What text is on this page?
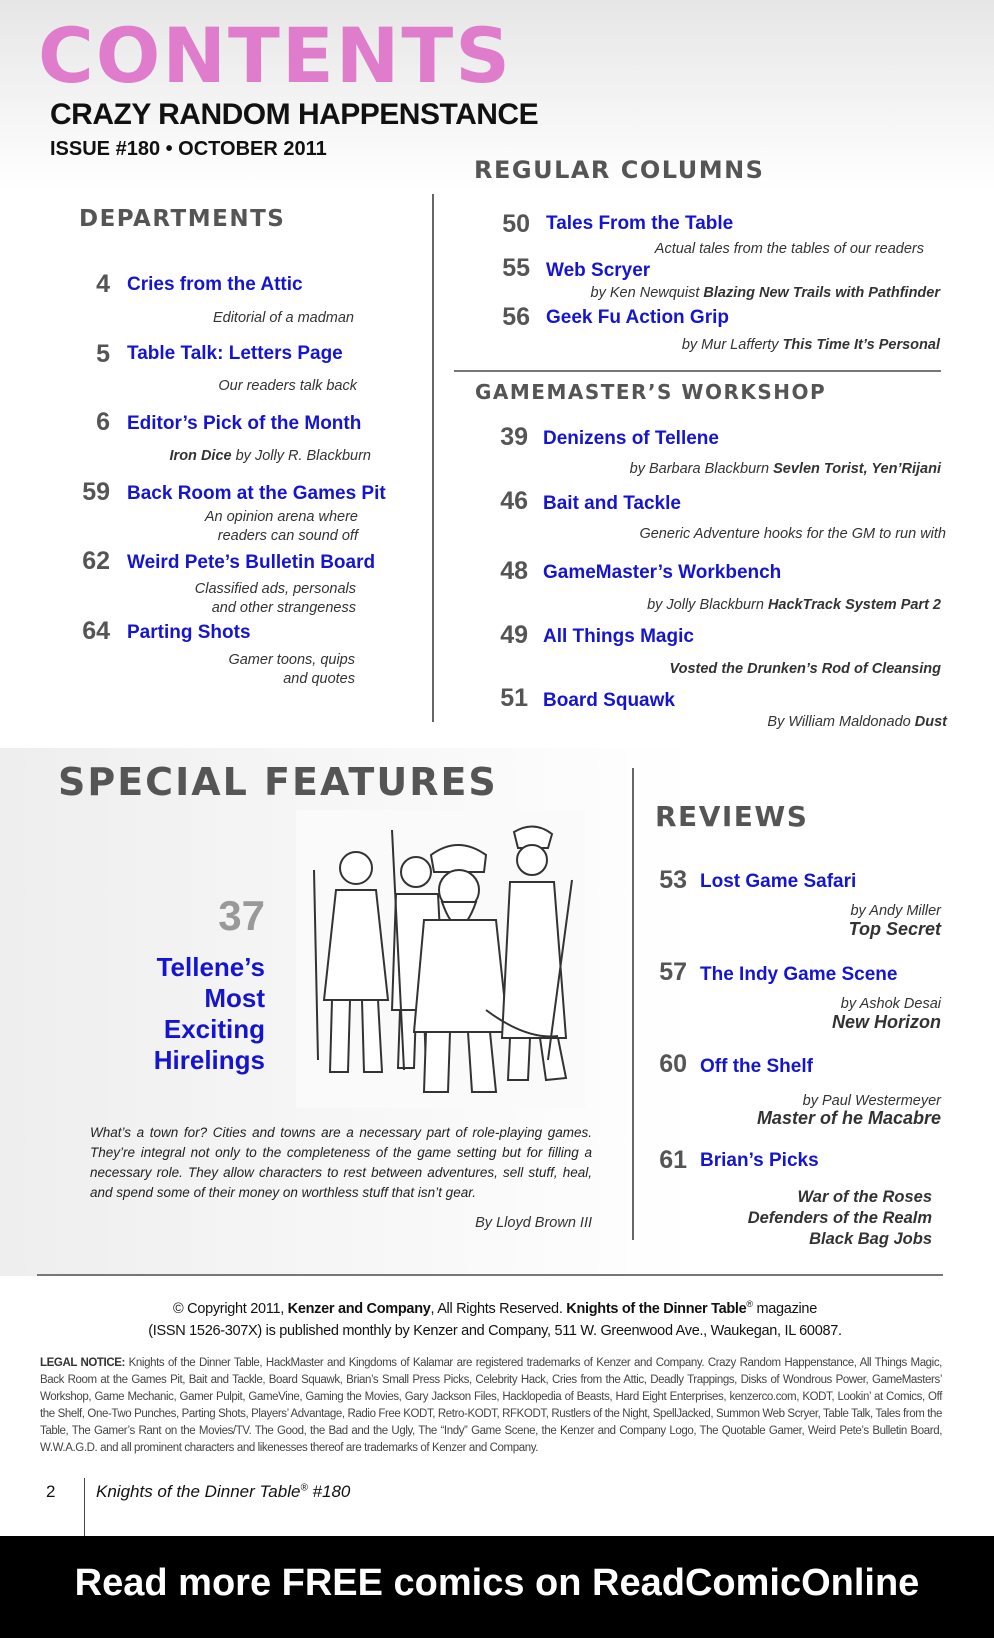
CONTENTS
CRAZY RANDOM HAPPENSTANCE
ISSUE #180 • OCTOBER 2011
DEPARTMENTS
4 Cries from the Attic
Editorial of a madman
5 Table Talk: Letters Page
Our readers talk back
6 Editor’s Pick of the Month
Iron Dice by Jolly R. Blackburn
59 Back Room at the Games Pit
An opinion arena where
readers can sound off
62 Weird Pete’s Bulletin Board
Classified ads, personals
and other strangeness
64 Parting Shots
Gamer toons, quips
and quotes
REGULAR COLUMNS
50 Tales From the Table
Actual tales from the tables of our readers
55 Web Scryer
by Ken Newquist Blazing New Trails with Pathfinder
56 Geek Fu Action Grip
by Mur Lafferty This Time It’s Personal
GAMEMASTER’S WORKSHOP
39 Denizens of Tellene
by Barbara Blackburn Sevlen Torist, Yen’Rijani
46 Bait and Tackle
Generic Adventure hooks for the GM to run with
48 GameMaster’s Workbench
by Jolly Blackburn HackTrack System Part 2
49 All Things Magic
Vosted the Drunken’s Rod of Cleansing
51 Board Squawk
By William Maldonado Dust
SPECIAL FEATURES
37
Tellene’s
Most
Exciting
Hirelings
What’s a town for? Cities and towns are a necessary part of role-playing games. They’re integral not only to the completeness of the game setting but for filling a necessary role. They allow characters to rest between adventures, sell stuff, heal, and spend some of their money on worthless stuff that isn’t gear.
By Lloyd Brown III
REVIEWS
53 Lost Game Safari
by Andy Miller
Top Secret
57 The Indy Game Scene
by Ashok Desai
New Horizon
60 Off the Shelf
by Paul Westermeyer
Master of he Macabre
61 Brian’s Picks
War of the Roses
Defenders of the Realm
Black Bag Jobs
© Copyright 2011, Kenzer and Company, All Rights Reserved. Knights of the Dinner Table® magazine
(ISSN 1526-307X) is published monthly by Kenzer and Company, 511 W. Greenwood Ave., Waukegan, IL 60087.
LEGAL NOTICE: Knights of the Dinner Table, HackMaster and Kingdoms of Kalamar are registered trademarks of Kenzer and Company. Crazy Random Happenstance, All Things Magic, Back Room at the Games Pit, Bait and Tackle, Board Squawk, Brian’s Small Press Picks, Celebrity Hack, Cries from the Attic, Deadly Trappings, Disks of Wondrous Power, GameMasters’ Workshop, Game Mechanic, Gamer Pulpit, GameVine, Gaming the Movies, Gary Jackson Files, Hacklopedia of Beasts, Hard Eight Enterprises, kenzerco.com, KODT, Lookin’ at Comics, Off the Shelf, One-Two Punches, Parting Shots, Players’ Advantage, Radio Free KODT, Retro-KODT, RFKODT, Rustlers of the Night, SpellJacked, Summon Web Scryer, Table Talk, Tales from the Table, The Gamer’s Rant on the Movies/TV. The Good, the Bad and the Ugly, The “Indy” Game Scene, the Kenzer and Company Logo, The Quotable Gamer, Weird Pete’s Bulletin Board, W.W.A.G.D. and all prominent characters and likenesses thereof are trademarks of Kenzer and Company.
2 Knights of the Dinner Table® #180
Read more FREE comics on ReadComicOnline
